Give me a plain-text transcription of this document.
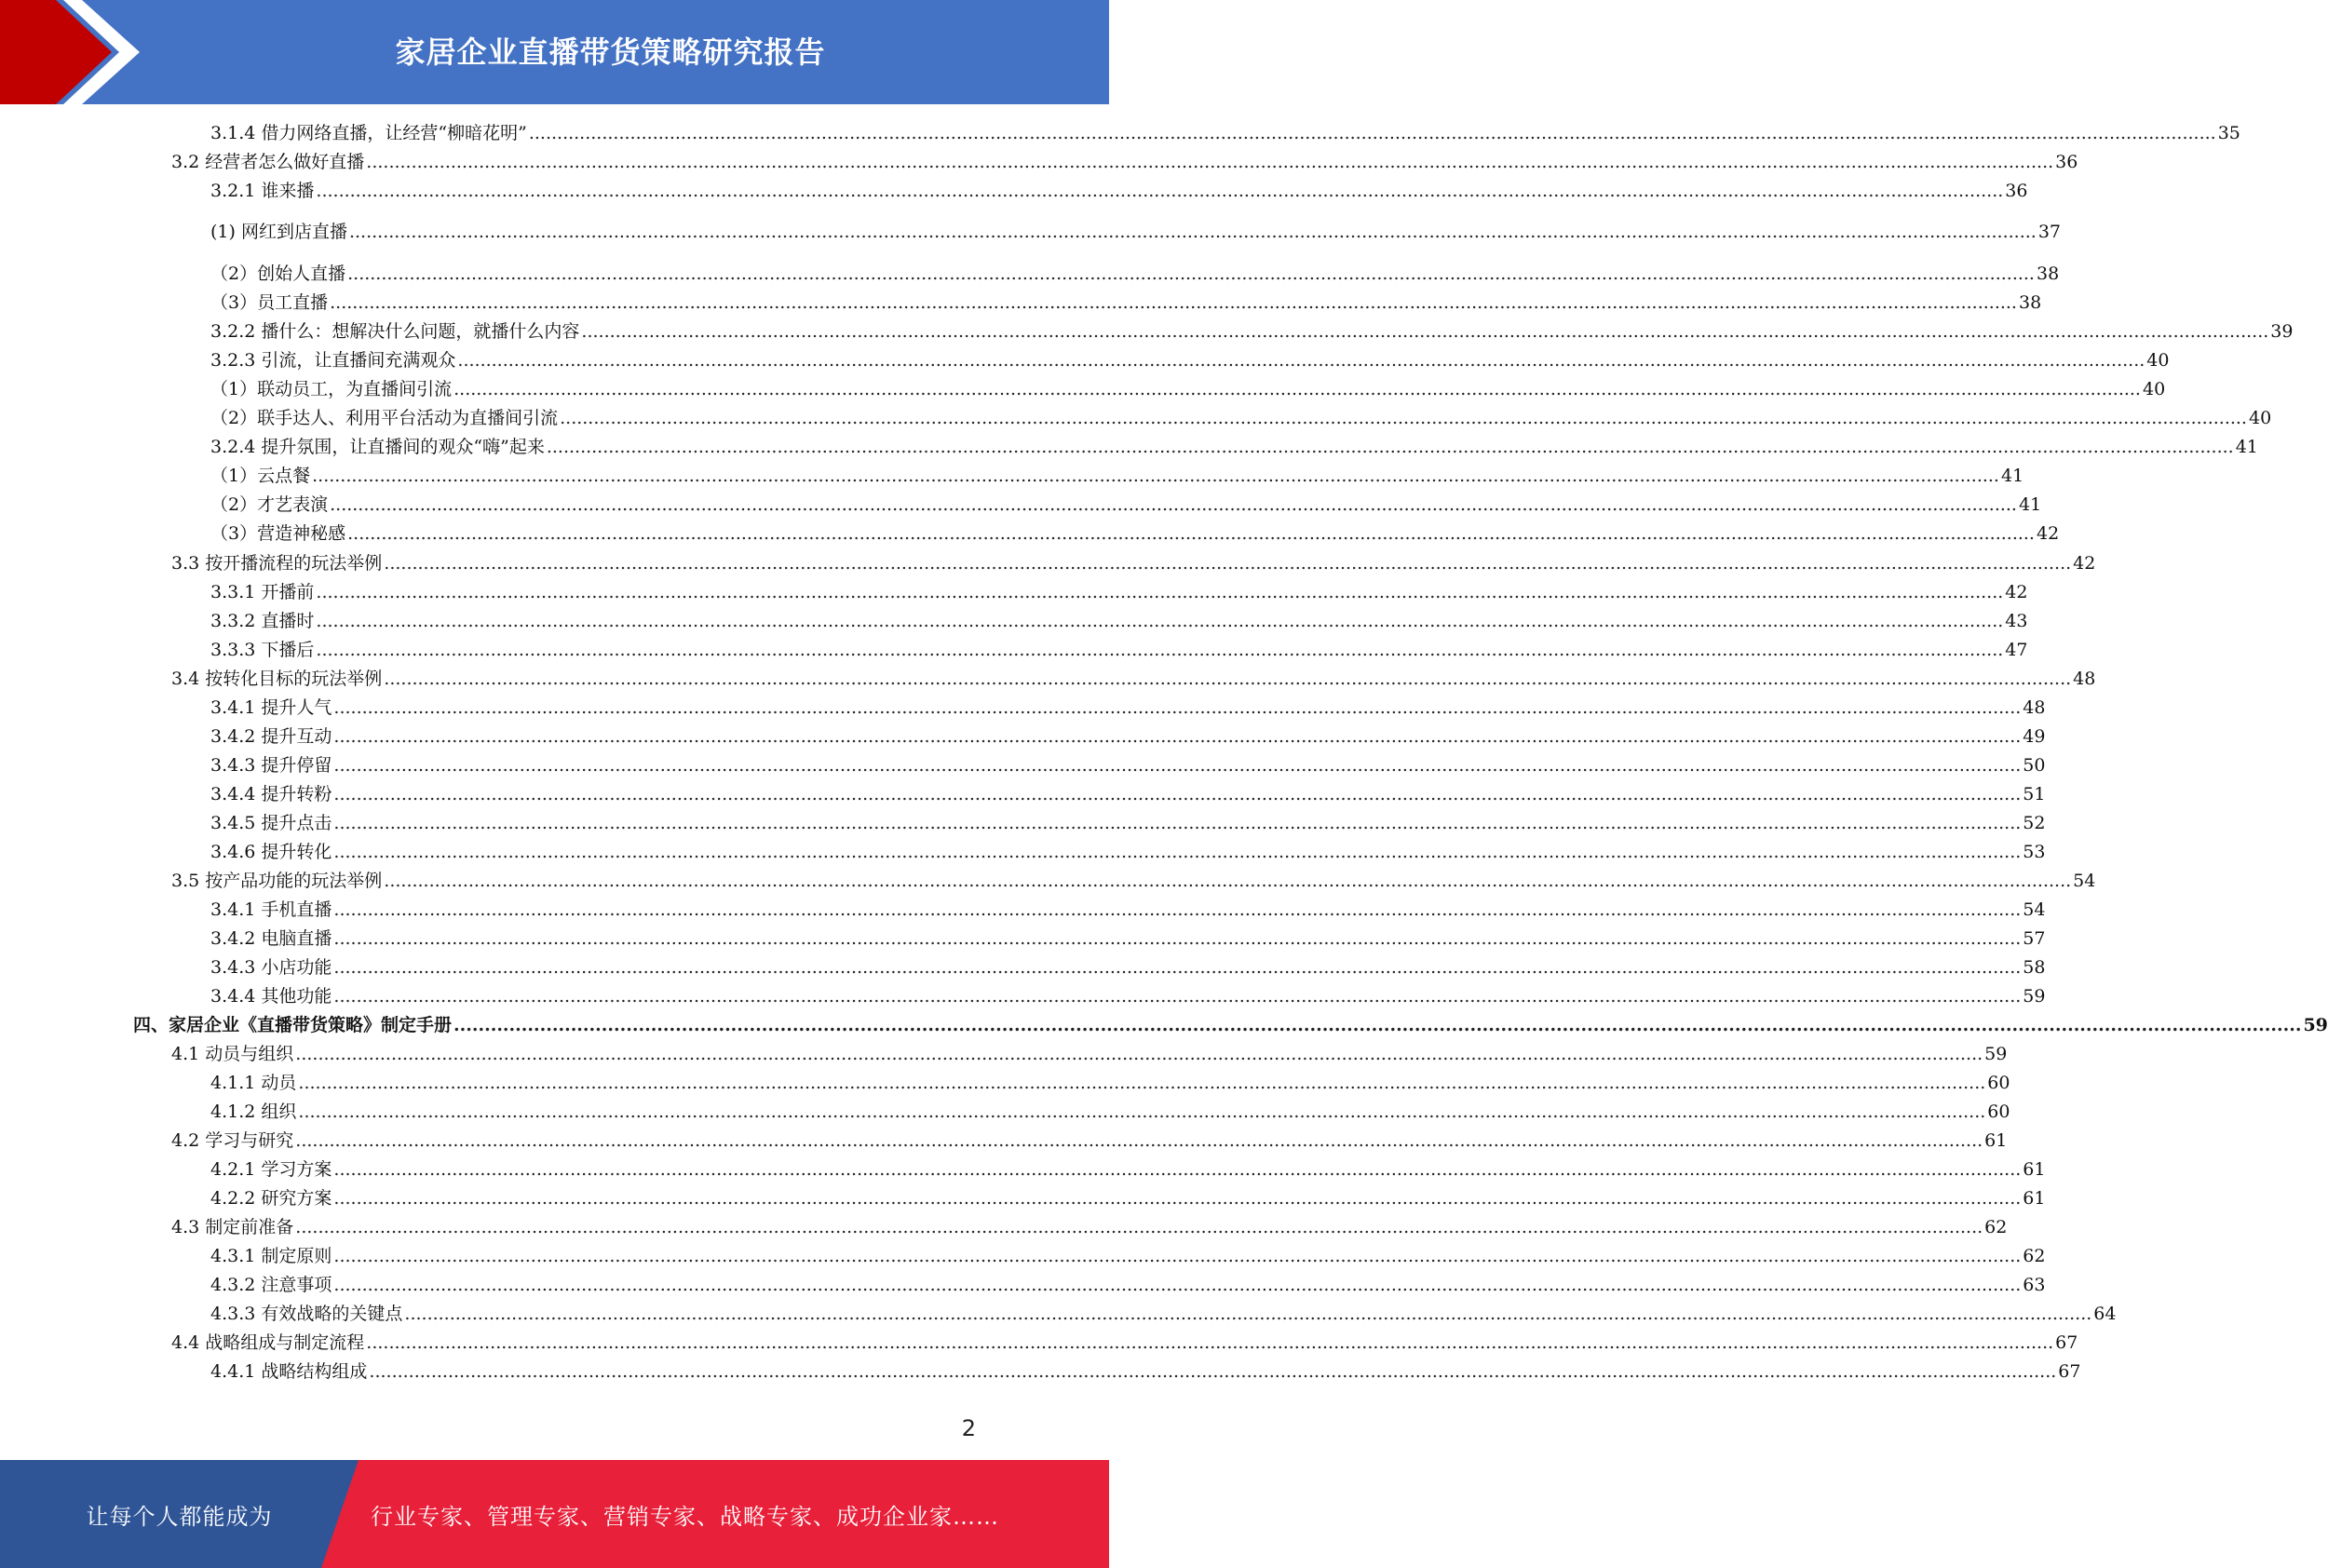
家居企业直播带货策略研究报告
3.1.4 借力网络直播，让经营“柳暗花明” ............................................................................................................................................................................................................................................................................................................ 35
3.2 经营者怎么做好直播 ............................................................................................................................................................................................................................................................................................................ 36
3.2.1 谁来播 ............................................................................................................................................................................................................................................................................................................ 36
(1) 网红到店直播 ............................................................................................................................................................................................................................................................................................................ 37
（2） 创始人直播 ............................................................................................................................................................................................................................................................................................................ 38
（3） 员工直播 ............................................................................................................................................................................................................................................................................................................ 38
3.2.2 播什么：想解决什么问题，就播什么内容 ............................................................................................................................................................................................................................................................................................................ 39
3.2.3 引流，让直播间充满观众 ............................................................................................................................................................................................................................................................................................................ 40
（1） 联动员工，为直播间引流 ............................................................................................................................................................................................................................................................................................................ 40
（2） 联手达人、利用平台活动为直播间引流 ............................................................................................................................................................................................................................................................................................................ 40
3.2.4 提升氛围，让直播间的观众“嗨”起来 ............................................................................................................................................................................................................................................................................................................ 41
（1） 云点餐 ............................................................................................................................................................................................................................................................................................................ 41
（2） 才艺表演 ............................................................................................................................................................................................................................................................................................................ 41
（3） 营造神秘感 ............................................................................................................................................................................................................................................................................................................ 42
3.3 按开播流程的玩法举例 ............................................................................................................................................................................................................................................................................................................ 42
3.3.1 开播前 ............................................................................................................................................................................................................................................................................................................ 42
3.3.2 直播时 ............................................................................................................................................................................................................................................................................................................ 43
3.3.3 下播后 ............................................................................................................................................................................................................................................................................................................ 47
3.4 按转化目标的玩法举例 ............................................................................................................................................................................................................................................................................................................ 48
3.4.1 提升人气 ............................................................................................................................................................................................................................................................................................................ 48
3.4.2 提升互动 ............................................................................................................................................................................................................................................................................................................ 49
3.4.3 提升停留 ............................................................................................................................................................................................................................................................................................................ 50
3.4.4 提升转粉 ............................................................................................................................................................................................................................................................................................................ 51
3.4.5 提升点击 ............................................................................................................................................................................................................................................................................................................ 52
3.4.6 提升转化 ............................................................................................................................................................................................................................................................................................................ 53
3.5 按产品功能的玩法举例 ............................................................................................................................................................................................................................................................................................................ 54
3.4.1 手机直播 ............................................................................................................................................................................................................................................................................................................ 54
3.4.2 电脑直播 ............................................................................................................................................................................................................................................................................................................ 57
3.4.3 小店功能 ............................................................................................................................................................................................................................................................................................................ 58
3.4.4 其他功能 ............................................................................................................................................................................................................................................................................................................ 59
四、家居企业《直播带货策略》制定手册 ............................................................................................................................................................................................................................................................................................................ 59
4.1 动员与组织 ............................................................................................................................................................................................................................................................................................................ 59
4.1.1 动员 ............................................................................................................................................................................................................................................................................................................ 60
4.1.2 组织 ............................................................................................................................................................................................................................................................................................................ 60
4.2 学习与研究 ............................................................................................................................................................................................................................................................................................................ 61
4.2.1 学习方案 ............................................................................................................................................................................................................................................................................................................ 61
4.2.2 研究方案 ............................................................................................................................................................................................................................................................................................................ 61
4.3 制定前准备 ............................................................................................................................................................................................................................................................................................................ 62
4.3.1 制定原则 ............................................................................................................................................................................................................................................................................................................ 62
4.3.2 注意事项 ............................................................................................................................................................................................................................................................................................................ 63
4.3.3 有效战略的关键点 ............................................................................................................................................................................................................................................................................................................ 64
4.4 战略组成与制定流程 ............................................................................................................................................................................................................................................................................................................ 67
4.4.1 战略结构组成 ............................................................................................................................................................................................................................................................................................................ 67
2
让每个人都能成为	行业专家、管理专家、营销专家、战略专家、成功企业家……
